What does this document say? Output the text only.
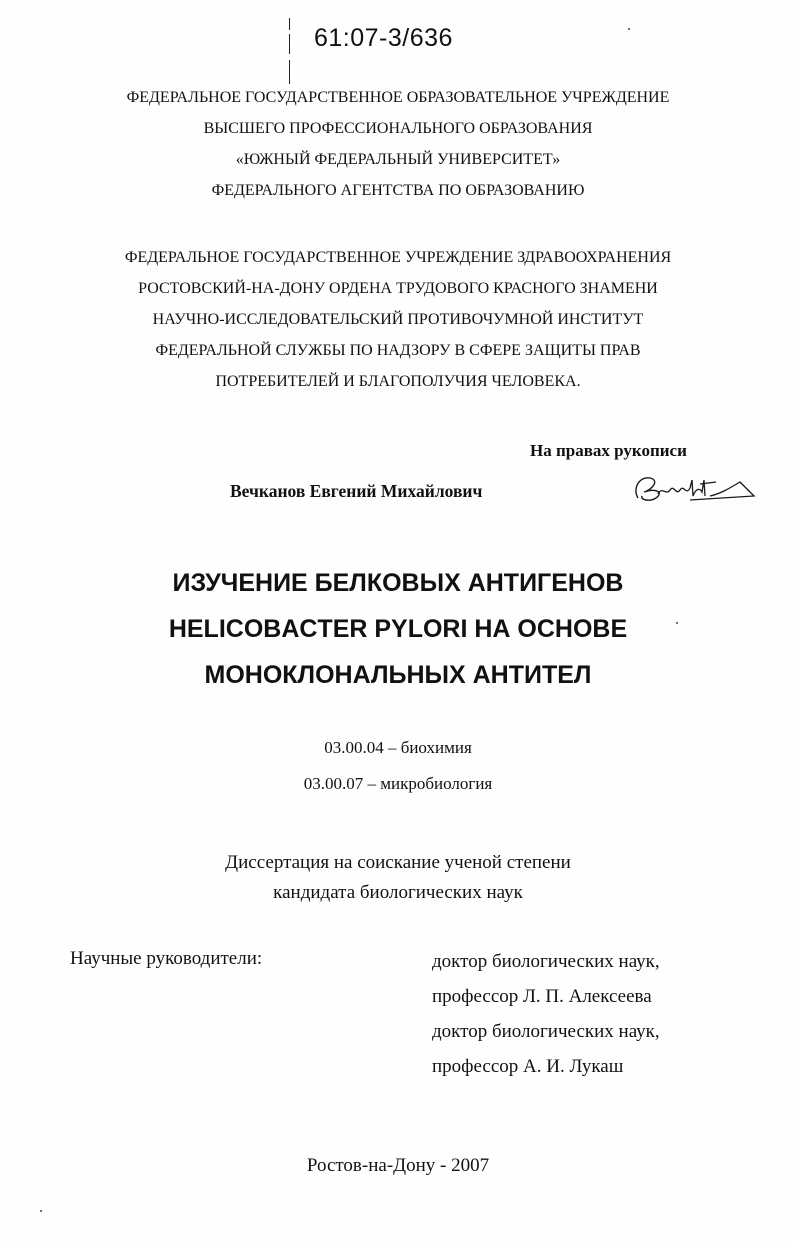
61:07-3/636
ФЕДЕРАЛЬНОЕ ГОСУДАРСТВЕННОЕ ОБРАЗОВАТЕЛЬНОЕ УЧРЕЖДЕНИЕ
ВЫСШЕГО ПРОФЕССИОНАЛЬНОГО ОБРАЗОВАНИЯ
«ЮЖНЫЙ ФЕДЕРАЛЬНЫЙ УНИВЕРСИТЕТ»
ФЕДЕРАЛЬНОГО АГЕНТСТВА ПО ОБРАЗОВАНИЮ
ФЕДЕРАЛЬНОЕ ГОСУДАРСТВЕННОЕ УЧРЕЖДЕНИЕ ЗДРАВООХРАНЕНИЯ
РОСТОВСКИЙ-НА-ДОНУ ОРДЕНА ТРУДОВОГО КРАСНОГО ЗНАМЕНИ
НАУЧНО-ИССЛЕДОВАТЕЛЬСКИЙ ПРОТИВОЧУМНОЙ ИНСТИТУТ
ФЕДЕРАЛЬНОЙ СЛУЖБЫ ПО НАДЗОРУ В СФЕРЕ ЗАЩИТЫ ПРАВ
ПОТРЕБИТЕЛЕЙ И БЛАГОПОЛУЧИЯ ЧЕЛОВЕКА.
На правах рукописи
Вечканов Евгений Михайлович
ИЗУЧЕНИЕ БЕЛКОВЫХ АНТИГЕНОВ
HELICOBACTER PYLORI НА ОСНОВЕ
МОНОКЛОНАЛЬНЫХ АНТИТЕЛ
03.00.04 – биохимия
03.00.07 – микробиология
Диссертация на соискание ученой степени
кандидата биологических наук
Научные руководители:	доктор биологических наук,
профессор Л. П. Алексеева
доктор биологических наук,
профессор А. И. Лукаш
Ростов-на-Дону - 2007
